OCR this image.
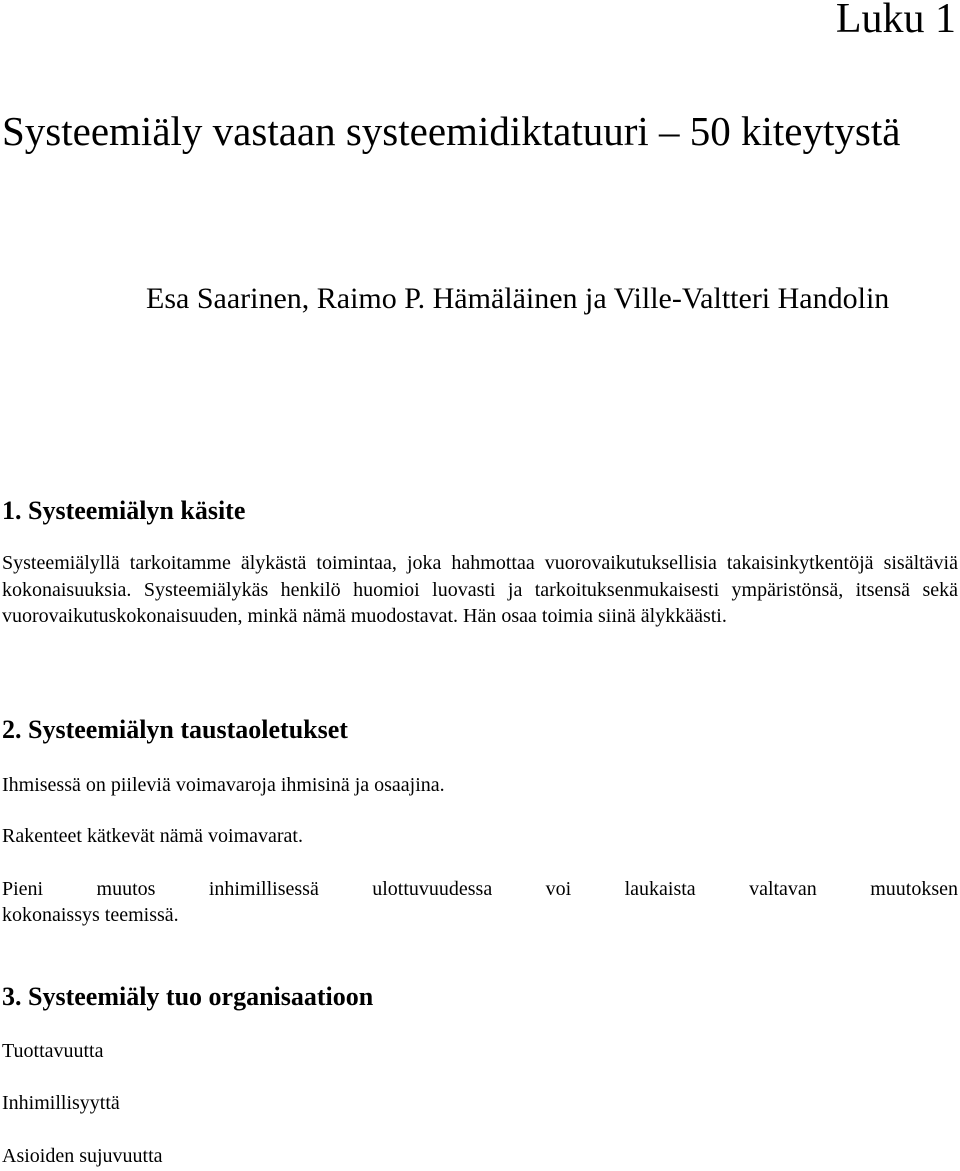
Luku 1
Systeemiäly vastaan systeemidiktatuuri – 50 kiteytystä
Esa Saarinen, Raimo P. Hämäläinen ja Ville-Valtteri Handolin
1. Systeemiälyn käsite

Systeemiälyllä tarkoitamme älykästä toimintaa, joka hahmottaa vuorovaikutuksellisia takaisinkytkentöjä sisältäviä kokonaisuuksia. Systeemiälykäs henkilö huomioi luovasti ja tarkoituksenmukaisesti ympäristönsä, itsensä sekä vuorovaikutuskokonaisuuden, minkä nämä muodostavat. Hän osaa toimia siinä älykkäästi.

2. Systeemiälyn taustaoletukset

Ihmisessä on piileviä voimavaroja ihmisinä ja osaajina.

Rakenteet kätkevät nämä voimavarat.

Pieni muutos inhimillisessä ulottuvuudessa voi laukaista valtavan muutoksen

kokonaissys teemissä.

3. Systeemiäly tuo organisaatioon

Tuottavuutta

Inhimillisyyttä

Asioiden sujuvuutta
